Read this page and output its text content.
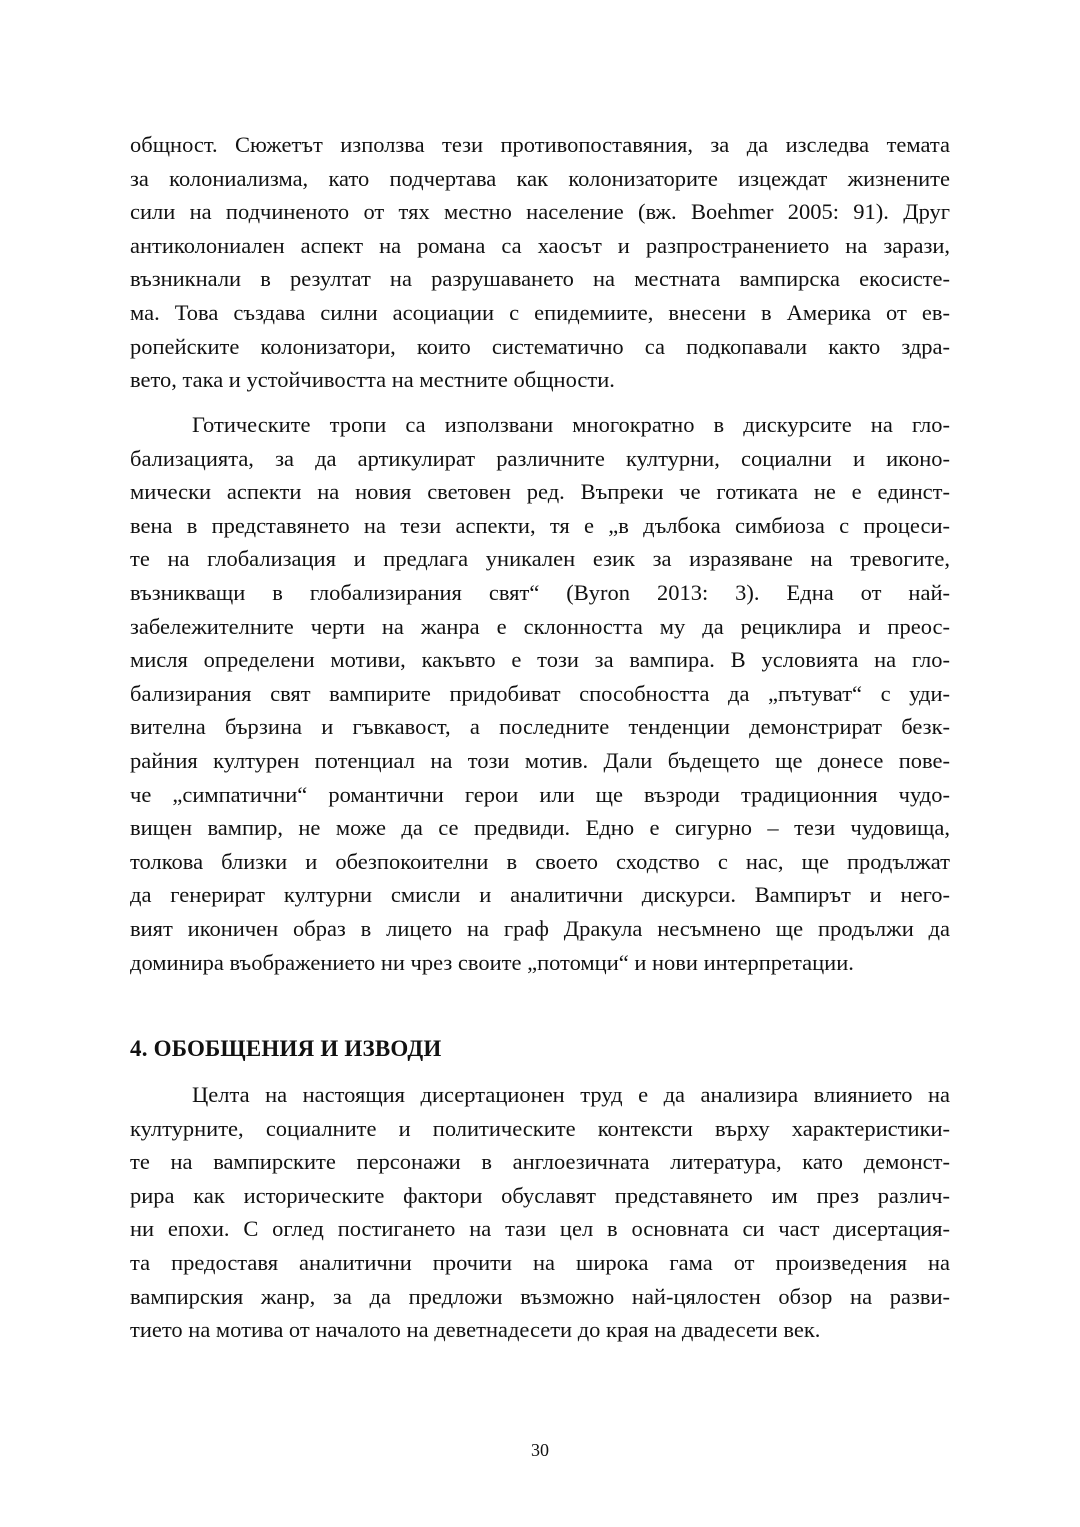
общност. Сюжетът използва тези противопоставяния, за да изследва темата
за колониализма, като подчертава как колонизаторите изцеждат жизнените
сили на подчиненото от тях местно население (вж. Boehmer 2005: 91). Друг
антиколониален аспект на романа са хаосът и разпространението на зарази,
възникнали в резултат на разрушаването на местната вампирска екосисте-
ма. Това създава силни асоциации с епидемиите, внесени в Америка от ев-
ропейските колонизатори, които систематично са подкопавали както здра-
вето, така и устойчивостта на местните общности.
Готическите тропи са използвани многократно в дискурсите на гло-
бализацията, за да артикулират различните културни, социални и иконо-
мически аспекти на новия световен ред. Въпреки че готиката не е единст-
вена в представянето на тези аспекти, тя е „в дълбока симбиоза с процеси-
те на глобализация и предлага уникален език за изразяване на тревогите,
възникващи в глобализирания свят“ (Byron 2013: 3). Една от най-
забележителните черти на жанра е склонността му да рециклира и преос-
мисля определени мотиви, какъвто е този за вампира. В условията на гло-
бализирания свят вампирите придобиват способността да „пътуват“ с уди-
вителна бързина и гъвкавост, а последните тенденции демонстрират безк-
райния културен потенциал на този мотив. Дали бъдещето ще донесе пове-
че „симпатични“ романтични герои или ще възроди традиционния чудо-
вищен вампир, не може да се предвиди. Едно е сигурно – тези чудовища,
толкова близки и обезпокоителни в своето сходство с нас, ще продължат
да генерират културни смисли и аналитични дискурси. Вампирът и него-
вият иконичен образ в лицето на граф Дракула несъмнено ще продължи да
доминира въображението ни чрез своите „потомци“ и нови интерпретации.
4. ОБОБЩЕНИЯ И ИЗВОДИ
Целта на настоящия дисертационен труд е да анализира влиянието на
културните, социалните и политическите контексти върху характеристики-
те на вампирските персонажи в англоезичната литература, като демонст-
рира как историческите фактори обуславят представянето им през различ-
ни епохи. С оглед постигането на тази цел в основната си част дисертация-
та предоставя аналитични прочити на широка гама от произведения на
вампирския жанр, за да предложи възможно най-цялостен обзор на разви-
тието на мотива от началото на деветнадесети до края на двадесети век.
30
